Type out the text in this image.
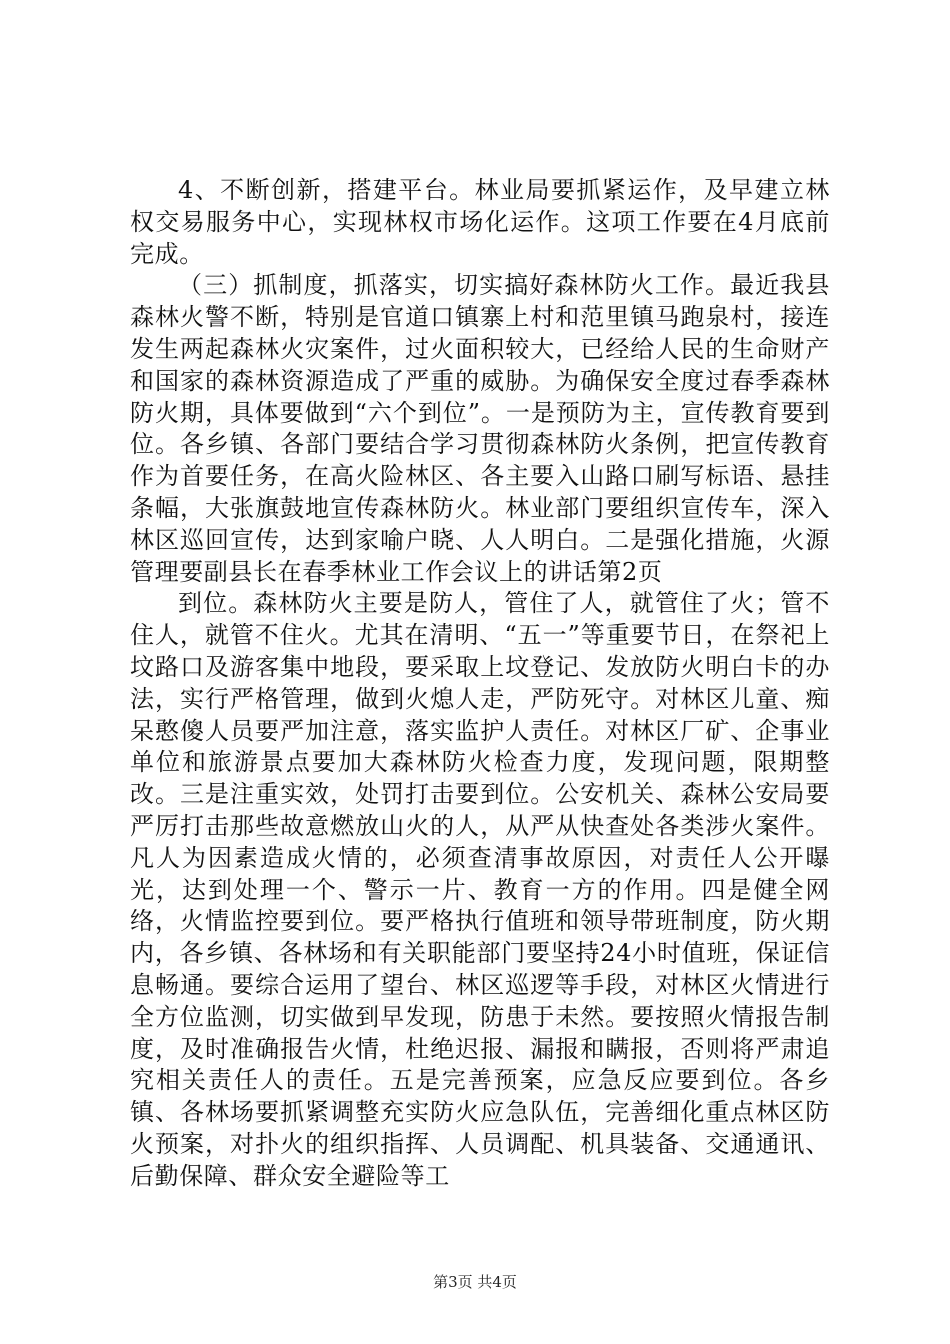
4、不断创新，搭建平台。林业局要抓紧运作，及早建立林权交易服务中心，实现林权市场化运作。这项工作要在4月底前完成。

（三）抓制度，抓落实，切实搞好森林防火工作。最近我县森林火警不断，特别是官道口镇寨上村和范里镇马跑泉村，接连发生两起森林火灾案件，过火面积较大，已经给人民的生命财产和国家的森林资源造成了严重的威胁。为确保安全度过春季森林防火期，具体要做到“六个到位”。一是预防为主，宣传教育要到位。各乡镇、各部门要结合学习贯彻森林防火条例，把宣传教育作为首要任务，在高火险林区、各主要入山路口刷写标语、悬挂条幅，大张旗鼓地宣传森林防火。林业部门要组织宣传车，深入林区巡回宣传，达到家喻户晓、人人明白。二是强化措施，火源管理要副县长在春季林业工作会议上的讲话第2页

到位。森林防火主要是防人，管住了人，就管住了火；管不住人，就管不住火。尤其在清明、“五一”等重要节日，在祭祀上坟路口及游客集中地段，要采取上坟登记、发放防火明白卡的办法，实行严格管理，做到火熄人走，严防死守。对林区儿童、痴呆憨傻人员要严加注意，落实监护人责任。对林区厂矿、企事业单位和旅游景点要加大森林防火检查力度，发现问题，限期整改。三是注重实效，处罚打击要到位。公安机关、森林公安局要严厉打击那些故意燃放山火的人，从严从快查处各类涉火案件。凡人为因素造成火情的，必须查清事故原因，对责任人公开曝光，达到处理一个、警示一片、教育一方的作用。四是健全网络，火情监控要到位。要严格执行值班和领导带班制度，防火期内，各乡镇、各林场和有关职能部门要坚持24小时值班，保证信息畅通。要综合运用了望台、林区巡逻等手段，对林区火情进行全方位监测，切实做到早发现，防患于未然。要按照火情报告制度，及时准确报告火情，杜绝迟报、漏报和瞒报，否则将严肃追究相关责任人的责任。五是完善预案，应急反应要到位。各乡镇、各林场要抓紧调整充实防火应急队伍，完善细化重点林区防火预案，对扑火的组织指挥、人员调配、机具装备、交通通讯、后勤保障、群众安全避险等工

第3页 共4页
